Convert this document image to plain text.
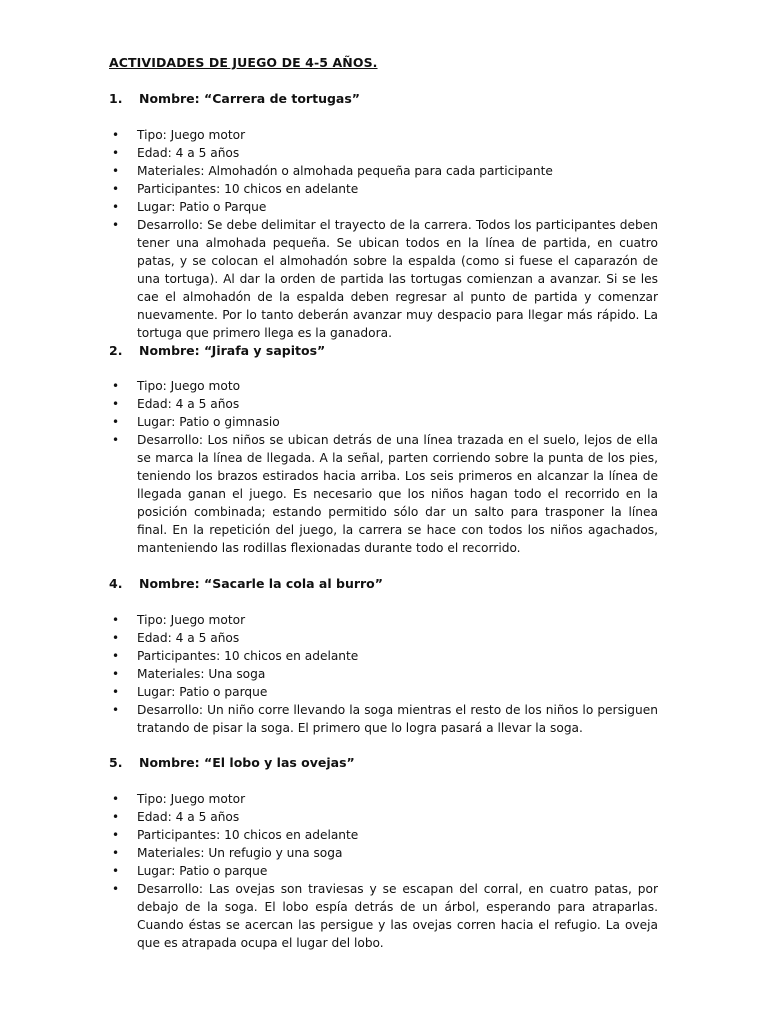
ACTIVIDADES DE JUEGO DE 4-5 AÑOS.
1. Nombre: “Carrera de tortugas”
• Tipo: Juego motor
• Edad: 4 a 5 años
• Materiales: Almohadón o almohada pequeña para cada participante
• Participantes: 10 chicos en adelante
• Lugar: Patio o Parque
• Desarrollo: Se debe delimitar el trayecto de la carrera. Todos los participantes deben tener una almohada pequeña. Se ubican todos en la línea de partida, en cuatro patas, y se colocan el almohadón sobre la espalda (como si fuese el caparazón de una tortuga). Al dar la orden de partida las tortugas comienzan a avanzar. Si se les cae el almohadón de la espalda deben regresar al punto de partida y comenzar nuevamente. Por lo tanto deberán avanzar muy despacio para llegar más rápido. La tortuga que primero llega es la ganadora.
2. Nombre: “Jirafa y sapitos”
• Tipo: Juego moto
• Edad: 4 a 5 años
• Lugar: Patio o gimnasio
• Desarrollo: Los niños se ubican detrás de una línea trazada en el suelo, lejos de ella se marca la línea de llegada. A la señal, parten corriendo sobre la punta de los pies, teniendo los brazos estirados hacia arriba. Los seis primeros en alcanzar la línea de llegada ganan el juego. Es necesario que los niños hagan todo el recorrido en la posición combinada; estando permitido sólo dar un salto para trasponer la línea final. En la repetición del juego, la carrera se hace con todos los niños agachados, manteniendo las rodillas flexionadas durante todo el recorrido.
4. Nombre: “Sacarle la cola al burro”
• Tipo: Juego motor
• Edad: 4 a 5 años
• Participantes: 10 chicos en adelante
• Materiales: Una soga
• Lugar: Patio o parque
• Desarrollo: Un niño corre llevando la soga mientras el resto de los niños lo persiguen tratando de pisar la soga. El primero que lo logra pasará a llevar la soga.
5. Nombre: “El lobo y las ovejas”
• Tipo: Juego motor
• Edad: 4 a 5 años
• Participantes: 10 chicos en adelante
• Materiales: Un refugio y una soga
• Lugar: Patio o parque
• Desarrollo: Las ovejas son traviesas y se escapan del corral, en cuatro patas, por debajo de la soga. El lobo espía detrás de un árbol, esperando para atraparlas. Cuando éstas se acercan las persigue y las ovejas corren hacia el refugio. La oveja que es atrapada ocupa el lugar del lobo.
